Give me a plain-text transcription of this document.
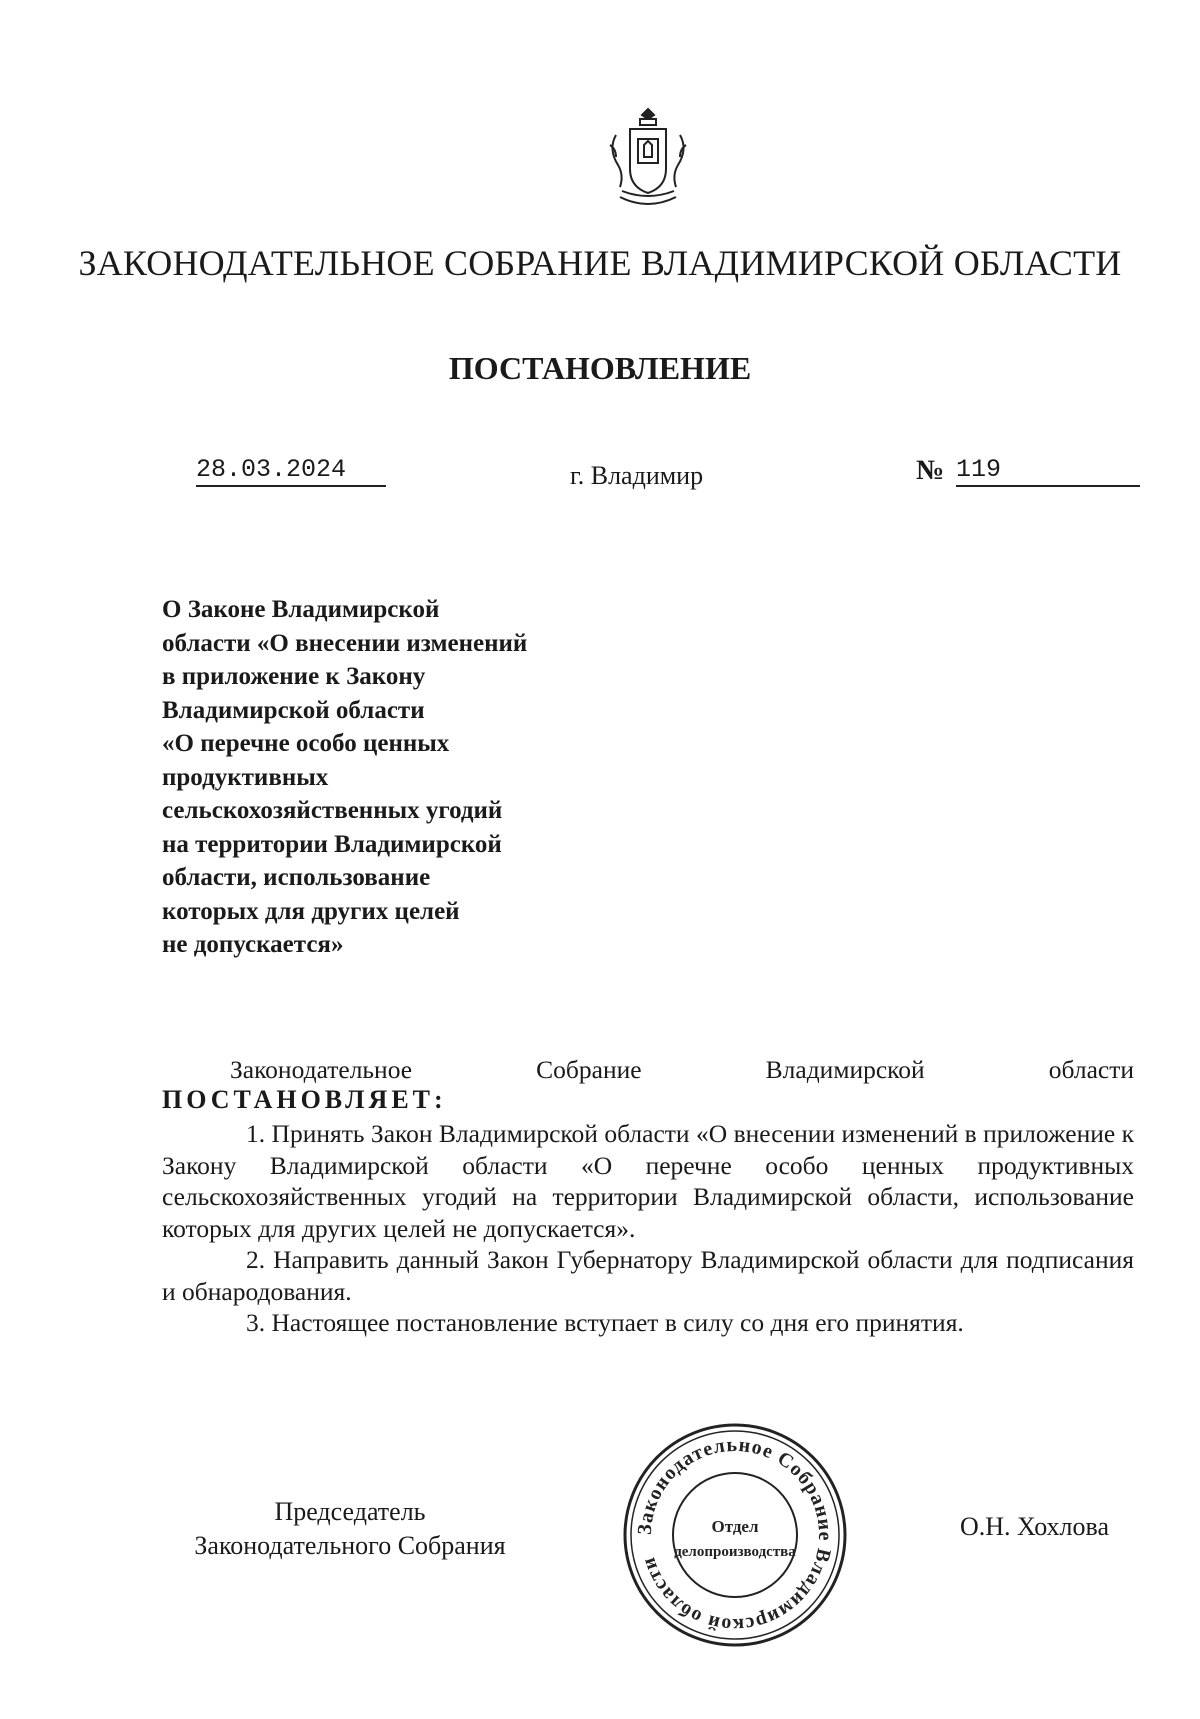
ЗАКОНОДАТЕЛЬНОЕ СОБРАНИЕ ВЛАДИМИРСКОЙ ОБЛАСТИ
ПОСТАНОВЛЕНИЕ
28.03.2024	г. Владимир	№ 119
О Законе Владимирской
области «О внесении изменений
в приложение к Закону
Владимирской области
«О перечне особо ценных
продуктивных
сельскохозяйственных угодий
на территории Владимирской
области, использование
которых для других целей
не допускается»
Законодательное	Собрание	Владимирской	области
ПОСТАНОВЛЯЕТ:
1. Принять Закон Владимирской области «О внесении изменений в приложение к Закону Владимирской области «О перечне особо ценных продуктивных сельскохозяйственных угодий на территории Владимирской области, использование которых для других целей не допускается».
2. Направить данный Закон Губернатору Владимирской области для подписания и обнародования.
3. Настоящее постановление вступает в силу со дня его принятия.
Председатель
Законодательного Собрания
Законодательное Собрание Владимирской области
Отдел
делопроизводства
О.Н. Хохлова
